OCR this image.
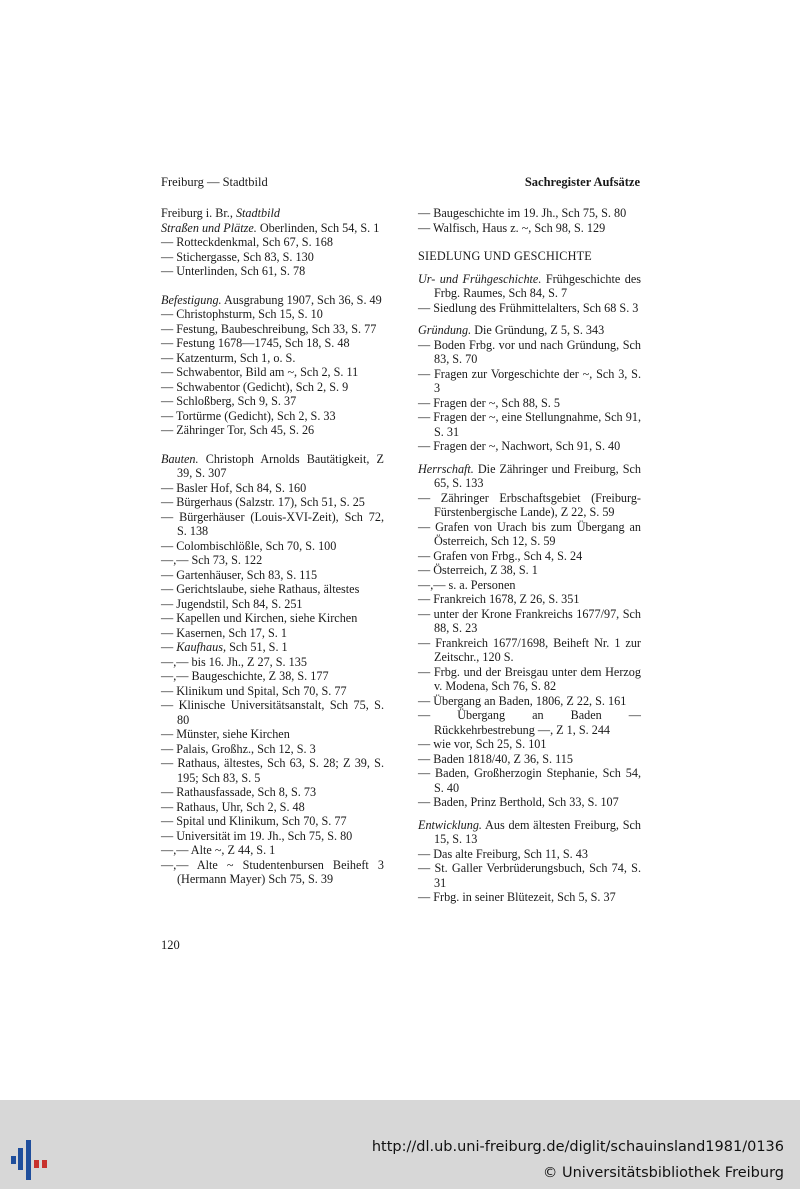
Freiburg — Stadtbild	Sachregister Aufsätze

Freiburg i. Br., Stadtbild

Straßen und Plätze. Oberlinden, Sch 54, S. 1

— Rotteckdenkmal, Sch 67, S. 168

— Stichergasse, Sch 83, S. 130

— Unterlinden, Sch 61, S. 78

Befestigung. Ausgrabung 1907, Sch 36, S. 49

— Christophsturm, Sch 15, S. 10

— Festung, Baubeschreibung, Sch 33, S. 77

— Festung 1678—1745, Sch 18, S. 48

— Katzenturm, Sch 1, o. S.

— Schwabentor, Bild am ~, Sch 2, S. 11

— Schwabentor (Gedicht), Sch 2, S. 9

— Schloßberg, Sch 9, S. 37

— Tortürme (Gedicht), Sch 2, S. 33

— Zähringer Tor, Sch 45, S. 26

Bauten. Christoph Arnolds Bautätigkeit, Z 39, S. 307

— Basler Hof, Sch 84, S. 160

— Bürgerhaus (Salzstr. 17), Sch 51, S. 25

— Bürgerhäuser (Louis-XVI-Zeit), Sch 72, S. 138

— Colombischlößle, Sch 70, S. 100

—,— Sch 73, S. 122

— Gartenhäuser, Sch 83, S. 115

— Gerichtslaube, siehe Rathaus, ältestes

— Jugendstil, Sch 84, S. 251

— Kapellen und Kirchen, siehe Kirchen

— Kasernen, Sch 17, S. 1

— Kaufhaus, Sch 51, S. 1

—,— bis 16. Jh., Z 27, S. 135

—,— Baugeschichte, Z 38, S. 177

— Klinikum und Spital, Sch 70, S. 77

— Klinische Universitätsanstalt, Sch 75, S. 80

— Münster, siehe Kirchen

— Palais, Großhz., Sch 12, S. 3

— Rathaus, ältestes, Sch 63, S. 28; Z 39, S. 195; Sch 83, S. 5

— Rathausfassade, Sch 8, S. 73

— Rathaus, Uhr, Sch 2, S. 48

— Spital und Klinikum, Sch 70, S. 77

— Universität im 19. Jh., Sch 75, S. 80

—,— Alte ~, Z 44, S. 1

—,— Alte ~ Studentenbursen Beiheft 3 (Hermann Mayer) Sch 75, S. 39

— Baugeschichte im 19. Jh., Sch 75, S. 80

— Walfisch, Haus z. ~, Sch 98, S. 129

SIEDLUNG UND GESCHICHTE

Ur- und Frühgeschichte. Frühgeschichte des Frbg. Raumes, Sch 84, S. 7

— Siedlung des Frühmittelalters, Sch 68 S. 3

Gründung. Die Gründung, Z 5, S. 343

— Boden Frbg. vor und nach Gründung, Sch 83, S. 70

— Fragen zur Vorgeschichte der ~, Sch 3, S. 3

— Fragen der ~, Sch 88, S. 5

— Fragen der ~, eine Stellungnahme, Sch 91, S. 31

— Fragen der ~, Nachwort, Sch 91, S. 40

Herrschaft. Die Zähringer und Freiburg, Sch 65, S. 133

— Zähringer Erbschaftsgebiet (Freiburg-Fürstenbergische Lande), Z 22, S. 59

— Grafen von Urach bis zum Übergang an Österreich, Sch 12, S. 59

— Grafen von Frbg., Sch 4, S. 24

— Österreich, Z 38, S. 1

—,— s. a. Personen

— Frankreich 1678, Z 26, S. 351

— unter der Krone Frankreichs 1677/97, Sch 88, S. 23

— Frankreich 1677/1698, Beiheft Nr. 1 zur Zeitschr., 120 S.

— Frbg. und der Breisgau unter dem Herzog v. Modena, Sch 76, S. 82

— Übergang an Baden, 1806, Z 22, S. 161

— Übergang an Baden — Rückkehrbestrebung —, Z 1, S. 244

— wie vor, Sch 25, S. 101

— Baden 1818/40, Z 36, S. 115

— Baden, Großherzogin Stephanie, Sch 54, S. 40

— Baden, Prinz Berthold, Sch 33, S. 107

Entwicklung. Aus dem ältesten Freiburg, Sch 15, S. 13

— Das alte Freiburg, Sch 11, S. 43

— St. Galler Verbrüderungsbuch, Sch 74, S. 31

— Frbg. in seiner Blütezeit, Sch 5, S. 37

120
http://dl.ub.uni-freiburg.de/diglit/schauinsland1981/0136
© Universitätsbibliothek Freiburg
